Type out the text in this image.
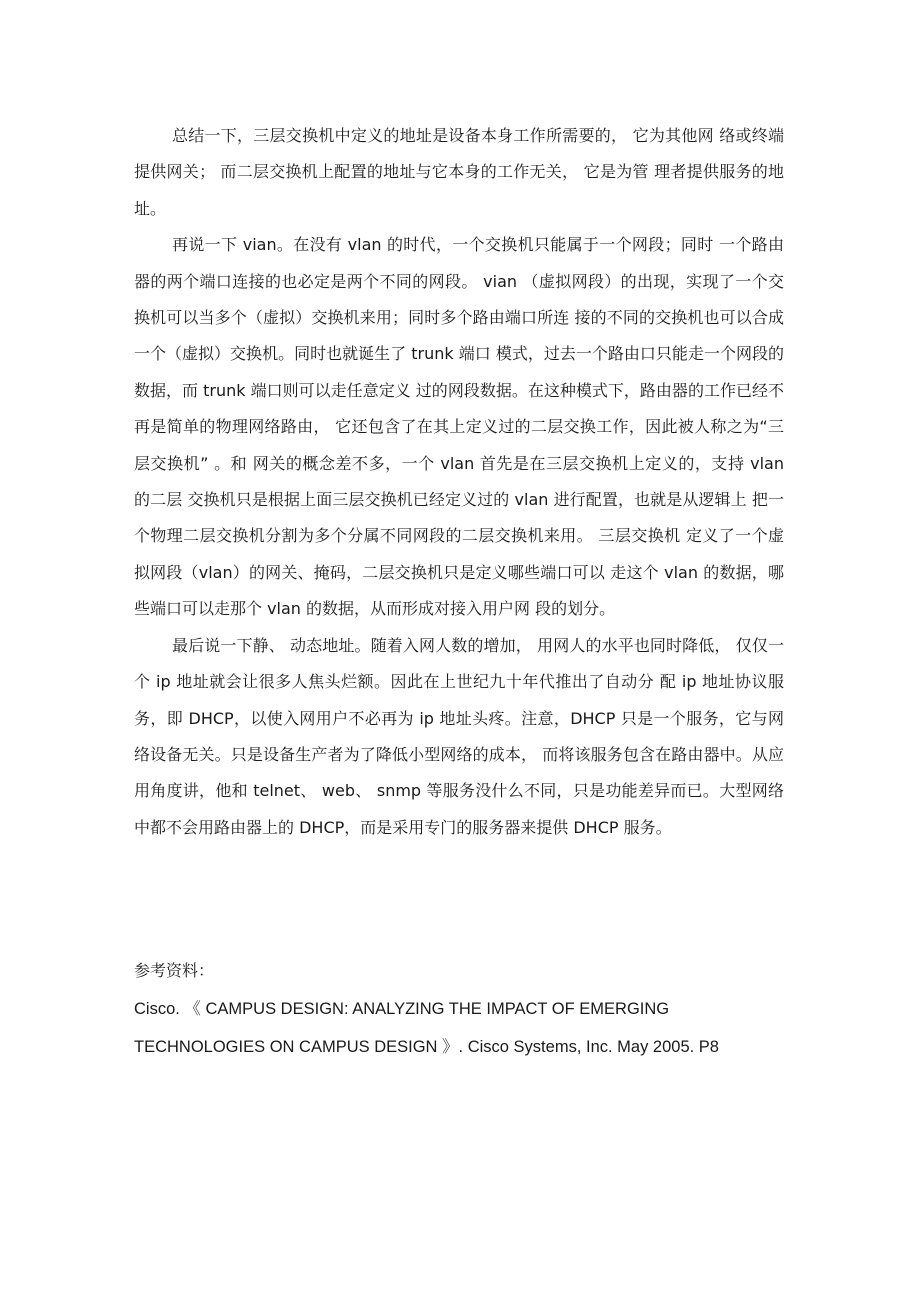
总结一下，三层交换机中定义的地址是设备本身工作所需要的， 它为其他网 络或终端提供网关； 而二层交换机上配置的地址与它本身的工作无关， 它是为管 理者提供服务的地址。

再说一下 vian。在没有 vlan 的时代，一个交换机只能属于一个网段；同时 一个路由器的两个端口连接的也必定是两个不同的网段。 vian （虚拟网段）的出现，实现了一个交换机可以当多个（虚拟）交换机来用；同时多个路由端口所连 接的不同的交换机也可以合成一个（虚拟）交换机。同时也就诞生了 trunk 端口 模式，过去一个路由口只能走一个网段的数据，而 trunk 端口则可以走任意定义 过的网段数据。在这种模式下，路由器的工作已经不再是简单的物理网络路由， 它还包含了在其上定义过的二层交换工作，因此被人称之为“三层交换机” 。和 网关的概念差不多，一个 vlan 首先是在三层交换机上定义的，支持 vlan 的二层 交换机只是根据上面三层交换机已经定义过的 vlan 进行配置，也就是从逻辑上 把一个物理二层交换机分割为多个分属不同网段的二层交换机来用。 三层交换机 定义了一个虚拟网段（vlan）的网关、掩码，二层交换机只是定义哪些端口可以 走这个 vlan 的数据，哪些端口可以走那个 vlan 的数据，从而形成对接入用户网 段的划分。

最后说一下静、 动态地址。随着入网人数的增加， 用网人的水平也同时降低， 仅仅一个 ip 地址就会让很多人焦头烂额。因此在上世纪九十年代推出了自动分 配 ip 地址协议服务，即 DHCP，以使入网用户不必再为 ip 地址头疼。注意，DHCP 只是一个服务，它与网络设备无关。只是设备生产者为了降低小型网络的成本， 而将该服务包含在路由器中。从应用角度讲，他和 telnet、 web、 snmp 等服务没什么不同，只是功能差异而已。大型网络中都不会用路由器上的 DHCP，而是采用专门的服务器来提供 DHCP 服务。

参考资料：

Cisco. 《 CAMPUS DESIGN: ANALYZING THE IMPACT OF EMERGING

TECHNOLOGIES ON CAMPUS DESIGN 》. Cisco Systems, Inc. May 2005. P8
